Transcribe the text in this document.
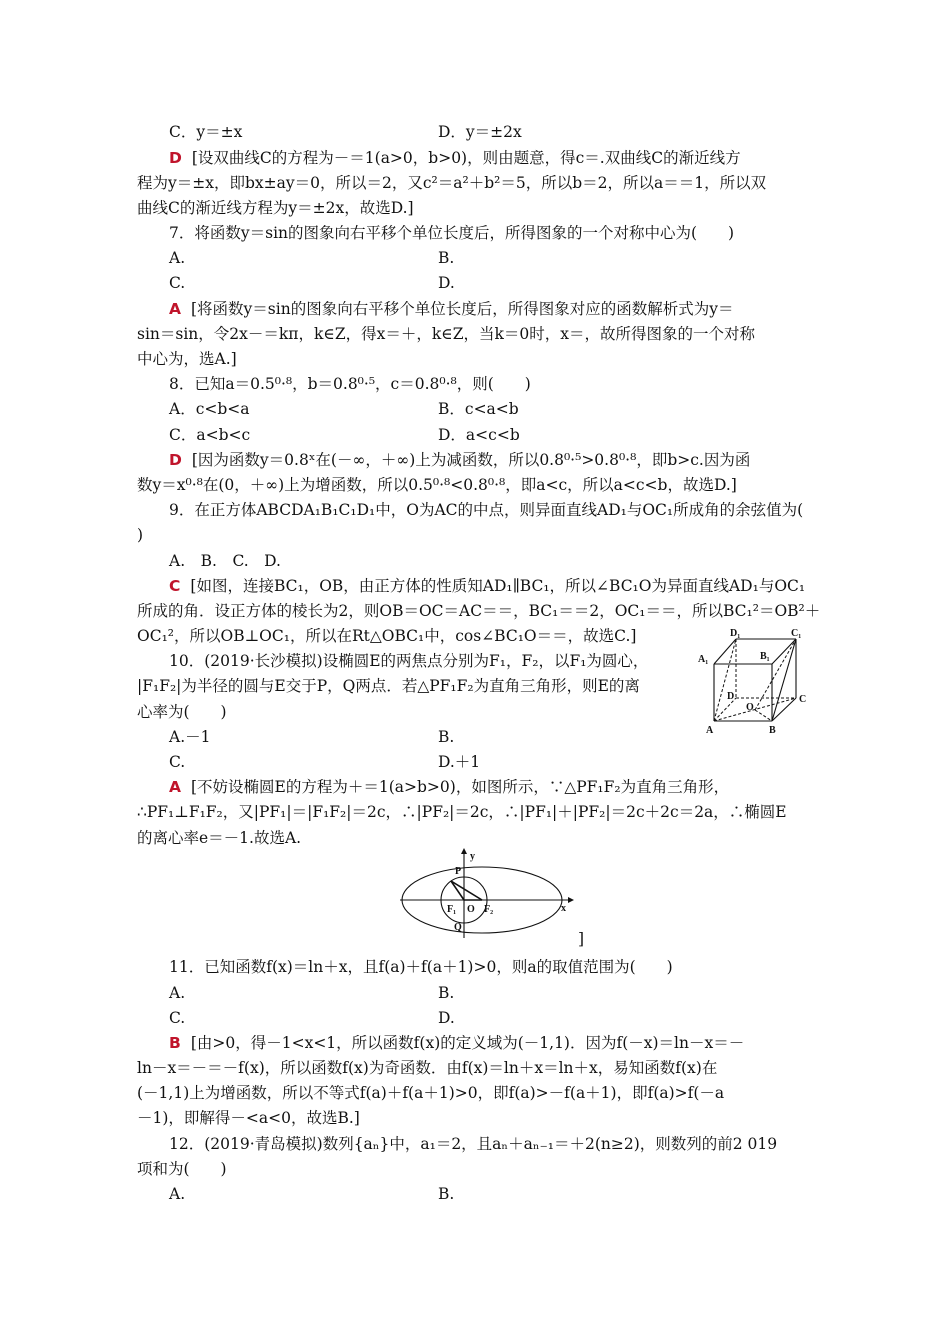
C．y＝±x	D．y＝±2x
D [设双曲线C的方程为－＝1(a>0，b>0)，则由题意，得c＝.双曲线C的渐近线方
程为y＝±x，即bx±ay＝0，所以＝2，又c²＝a²＋b²＝5，所以b＝2，所以a＝＝1，所以双
曲线C的渐近线方程为y＝±2x，故选D.]
7．将函数y＝sin的图象向右平移个单位长度后，所得图象的一个对称中心为(　　)
A.	B.
C.	D.
A [将函数y＝sin的图象向右平移个单位长度后，所得图象对应的函数解析式为y＝
sin＝sin，令2x－＝kπ，k∈Z，得x＝＋，k∈Z，当k＝0时，x＝，故所得图象的一个对称
中心为，选A.]
8．已知a＝0.5⁰·⁸，b＝0.8⁰·⁵，c＝0.8⁰·⁸，则(　　)
A．c<b<a	B．c<a<b
C．a<b<c	D．a<c<b
D [因为函数y＝0.8ˣ在(－∞，＋∞)上为减函数，所以0.8⁰·⁵>0.8⁰·⁸，即b>c.因为函
数y＝x⁰·⁸在(0，＋∞)上为增函数，所以0.5⁰·⁸<0.8⁰·⁸，即a<c，所以a<c<b，故选D.]
9．在正方体ABCDA₁B₁C₁D₁中，O为AC的中点，则异面直线AD₁与OC₁所成角的余弦值为(
)
A.　B.　C.　D.
C [如图，连接BC₁，OB，由正方体的性质知AD₁∥BC₁，所以∠BC₁O为异面直线AD₁与OC₁
所成的角．设正方体的棱长为2，则OB＝OC＝AC＝＝，BC₁＝＝2，OC₁＝＝，所以BC₁²＝OB²＋
OC₁²，所以OB⊥OC₁，所以在Rt△OBC₁中，cos∠BC₁O＝＝，故选C.]	D₁	C₁
A₁	B₁
D	C
O
A	B
10．(2019·长沙模拟)设椭圆E的两焦点分别为F₁，F₂，以F₁为圆心，
|F₁F₂|为半径的圆与E交于P，Q两点．若△PF₁F₂为直角三角形，则E的离
心率为(　　)
A.－1	B.
C.	D.＋1
A [不妨设椭圆E的方程为＋＝1(a>b>0)，如图所示，∵△PF₁F₂为直角三角形，
∴PF₁⊥F₁F₂，又|PF₁|＝|F₁F₂|＝2c，∴|PF₂|＝2c，∴|PF₁|＋|PF₂|＝2c＋2c＝2a，∴椭圆E
的离心率e＝－1.故选A.
y
x
P
Q
F₁ O F₂
]
11．已知函数f(x)＝ln＋x，且f(a)＋f(a＋1)>0，则a的取值范围为(　　)
A.	B.
C.	D.
B [由>0，得－1<x<1，所以函数f(x)的定义域为(－1,1)．因为f(－x)＝ln－x＝－
ln－x＝－＝－f(x)，所以函数f(x)为奇函数．由f(x)＝ln＋x＝ln＋x，易知函数f(x)在
(－1,1)上为增函数，所以不等式f(a)＋f(a＋1)>0，即f(a)>－f(a＋1)，即f(a)>f(－a
－1)，即解得－<a<0，故选B.]
12．(2019·青岛模拟)数列{aₙ}中，a₁＝2，且aₙ＋aₙ₋₁＝＋2(n≥2)，则数列的前2 019
项和为(　　)
A.	B.
